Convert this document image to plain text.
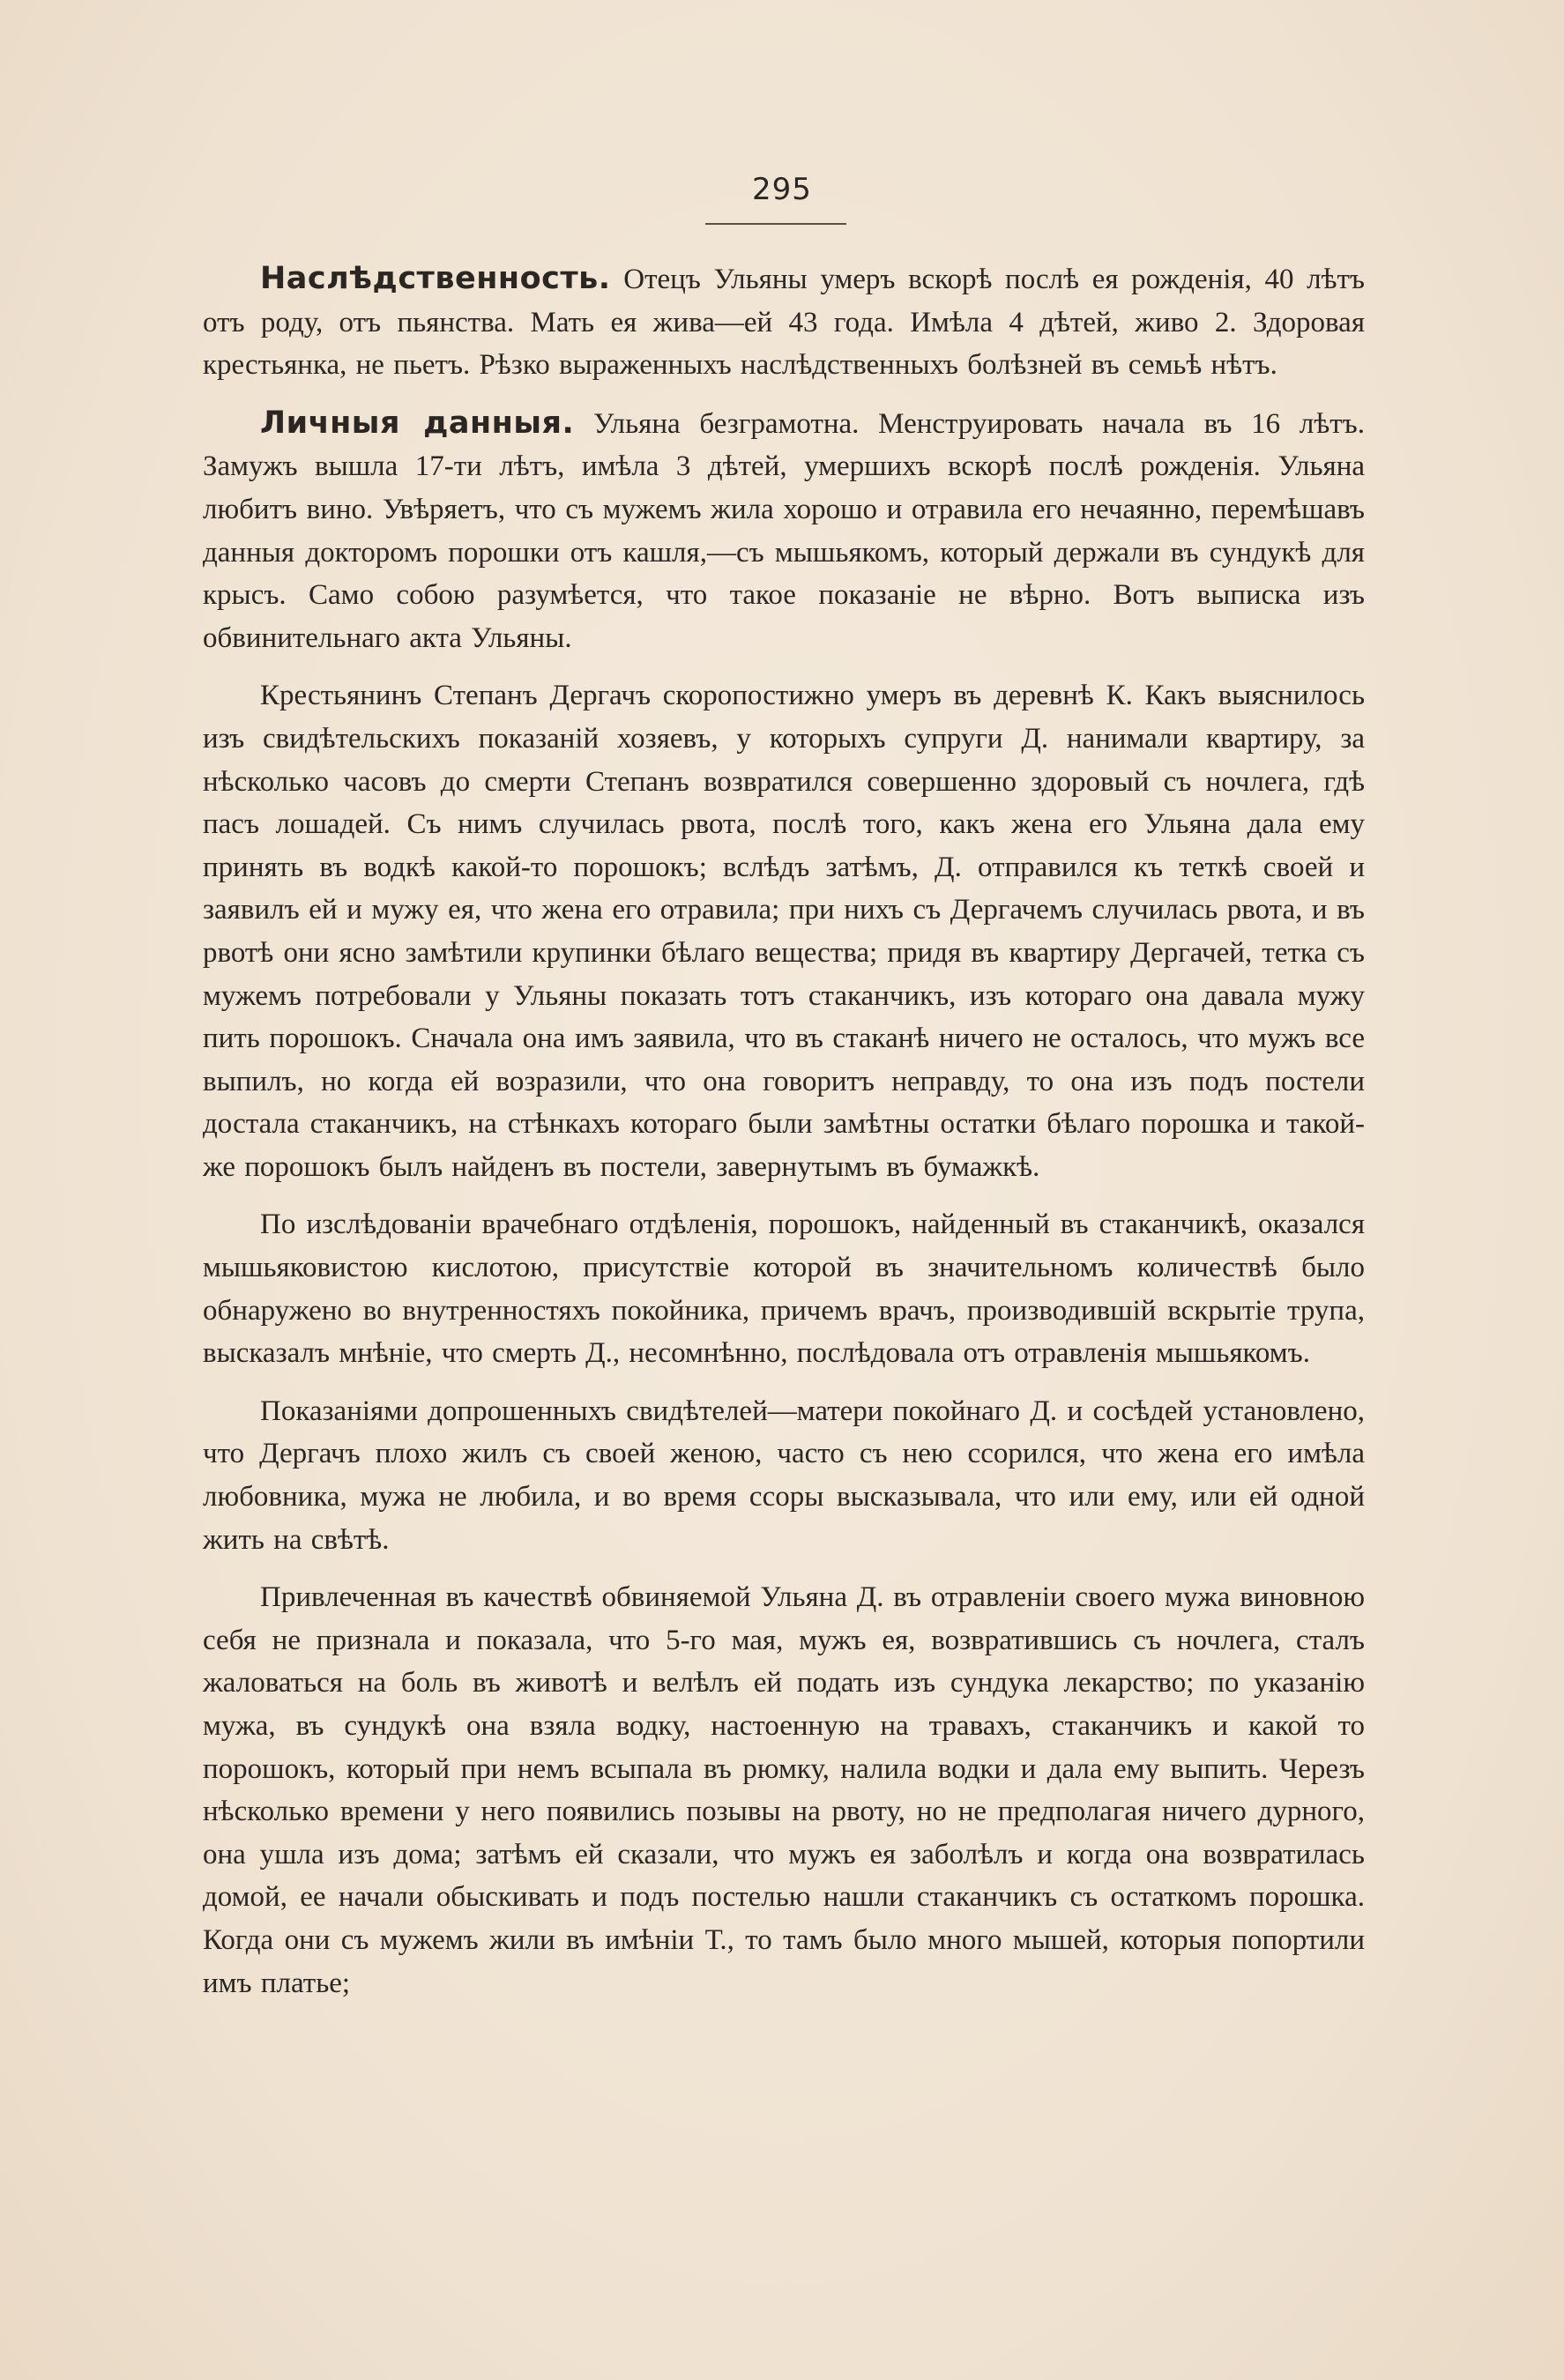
295

Наслѣдственность. Отецъ Ульяны умеръ вскорѣ послѣ ея рожденія, 40 лѣтъ отъ роду, отъ пьянства. Мать ея жива—ей 43 года. Имѣла 4 дѣтей, живо 2. Здоровая крестьянка, не пьетъ. Рѣзко выраженныхъ наслѣдственныхъ болѣзней въ семьѣ нѣтъ.

Личныя данныя. Ульяна безграмотна. Менструировать начала въ 16 лѣтъ. Замужъ вышла 17-ти лѣтъ, имѣла 3 дѣтей, умершихъ вскорѣ послѣ рожденія. Ульяна любитъ вино. Увѣряетъ, что съ мужемъ жила хорошо и отравила его нечаянно, перемѣшавъ данныя докторомъ порошки отъ кашля,—съ мышьякомъ, который держали въ сундукѣ для крысъ. Само собою разумѣется, что такое показаніе не вѣрно. Вотъ выписка изъ обвинительнаго акта Ульяны.

Крестьянинъ Степанъ Дергачъ скоропостижно умеръ въ деревнѣ К. Какъ выяснилось изъ свидѣтельскихъ показаній хозяевъ, у которыхъ супруги Д. нанимали квартиру, за нѣсколько часовъ до смерти Степанъ возвратился совершенно здоровый съ ночлега, гдѣ пасъ лошадей. Съ нимъ случилась рвота, послѣ того, какъ жена его Ульяна дала ему принять въ водкѣ какой-то порошокъ; вслѣдъ затѣмъ, Д. отправился къ теткѣ своей и заявилъ ей и мужу ея, что жена его отравила; при нихъ съ Дергачемъ случилась рвота, и въ рвотѣ они ясно замѣтили крупинки бѣлаго вещества; придя въ квартиру Дергачей, тетка съ мужемъ потребовали у Ульяны показать тотъ стаканчикъ, изъ котораго она давала мужу пить порошокъ. Сначала она имъ заявила, что въ стаканѣ ничего не осталось, что мужъ все выпилъ, но когда ей возразили, что она говоритъ неправду, то она изъ подъ постели достала стаканчикъ, на стѣнкахъ котораго были замѣтны остатки бѣлаго порошка и такой-же порошокъ былъ найденъ въ постели, завернутымъ въ бумажкѣ.

По изслѣдованіи врачебнаго отдѣленія, порошокъ, найденный въ стаканчикѣ, оказался мышьяковистою кислотою, присутствіе которой въ значительномъ количествѣ было обнаружено во внутренностяхъ покойника, причемъ врачъ, производившій вскрытіе трупа, высказалъ мнѣніе, что смерть Д., несомнѣнно, послѣдовала отъ отравленія мышьякомъ.

Показаніями допрошенныхъ свидѣтелей—матери покойнаго Д. и сосѣдей установлено, что Дергачъ плохо жилъ съ своей женою, часто съ нею ссорился, что жена его имѣла любовника, мужа не любила, и во время ссоры высказывала, что или ему, или ей одной жить на свѣтѣ.

Привлеченная въ качествѣ обвиняемой Ульяна Д. въ отравленіи своего мужа виновною себя не признала и показала, что 5-го мая, мужъ ея, возвратившись съ ночлега, сталъ жаловаться на боль въ животѣ и велѣлъ ей подать изъ сундука лекарство; по указанію мужа, въ сундукѣ она взяла водку, настоенную на травахъ, стаканчикъ и какой то порошокъ, который при немъ всыпала въ рюмку, налила водки и дала ему выпить. Черезъ нѣсколько времени у него появились позывы на рвоту, но не предполагая ничего дурного, она ушла изъ дома; затѣмъ ей сказали, что мужъ ея заболѣлъ и когда она возвратилась домой, ее начали обыскивать и подъ постелью нашли стаканчикъ съ остаткомъ порошка. Когда они съ мужемъ жили въ имѣніи Т., то тамъ было много мышей, которыя попортили имъ платье;
